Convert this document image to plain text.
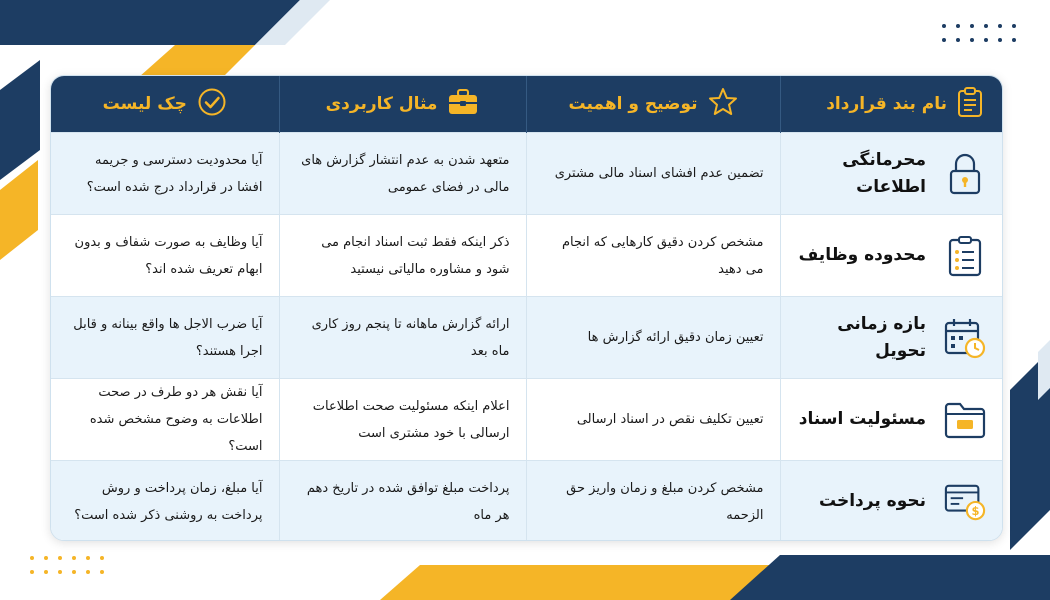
نام بند قرارداد	توضیح و اهمیت	مثال کاربردی	چک لیست

محرمانگی اطلاعات	تضمین عدم افشای اسناد مالی مشتری	متعهد شدن به عدم انتشار گزارش های مالی در فضای عمومی	آیا محدودیت دسترسی و جریمه افشا در قرارداد درج شده است؟

محدوده وظایف	مشخص کردن دقیق کارهایی که انجام می دهید	ذکر اینکه فقط ثبت اسناد انجام می شود و مشاوره مالیاتی نیستید	آیا وظایف به صورت شفاف و بدون ابهام تعریف شده اند؟

بازه زمانی تحویل	تعیین زمان دقیق ارائه گزارش ها	ارائه گزارش ماهانه تا پنجم روز کاری ماه بعد	آیا ضرب الاجل ها واقع بینانه و قابل اجرا هستند؟

مسئولیت اسناد	تعیین تکلیف نقص در اسناد ارسالی	اعلام اینکه مسئولیت صحت اطلاعات ارسالی با خود مشتری است	آیا نقش هر دو طرف در صحت اطلاعات به وضوح مشخص شده است؟

$
نحوه پرداخت	مشخص کردن مبلغ و زمان واریز حق الزحمه	پرداخت مبلغ توافق شده در تاریخ دهم هر ماه	آیا مبلغ، زمان پرداخت و روش پرداخت به روشنی ذکر شده است؟
